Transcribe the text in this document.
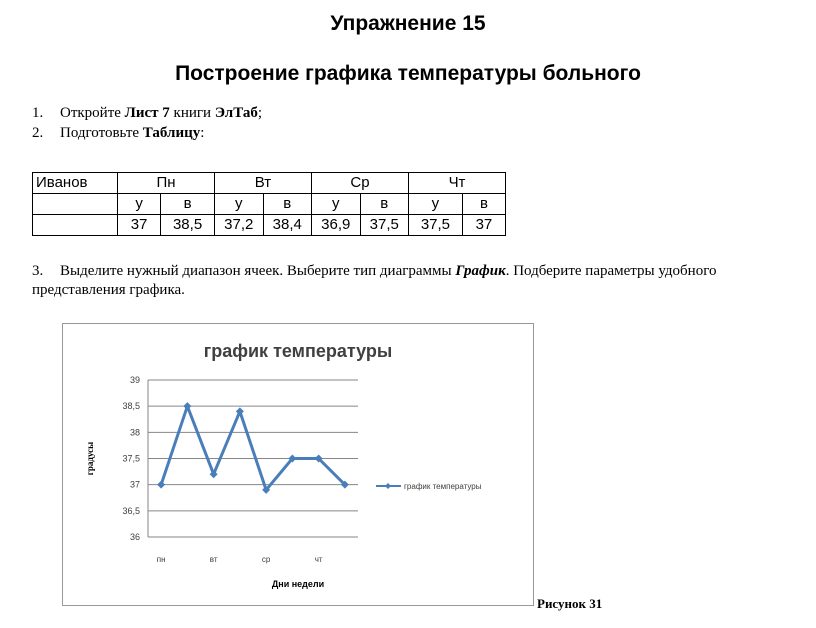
Упражнение 15
Построение графика температуры больного
1. Откройте Лист 7 книги ЭлТаб;
2. Подготовьте Таблицу:
Иванов	Пн		Вт		Ср		Чт	
	у	в	у	в	у	в	у	в
	37	38,5	37,2	38,4	36,9	37,5	37,5	37
3. Выделите нужный диапазон ячеек. Выберите тип диаграммы График. Подберите параметры удобного представления графика.
график температуры
36
36,5
37
37,5
38
38,5
39
пн	вт	ср	чт
Дни недели
градусы
график температуры
Рисунок 31
